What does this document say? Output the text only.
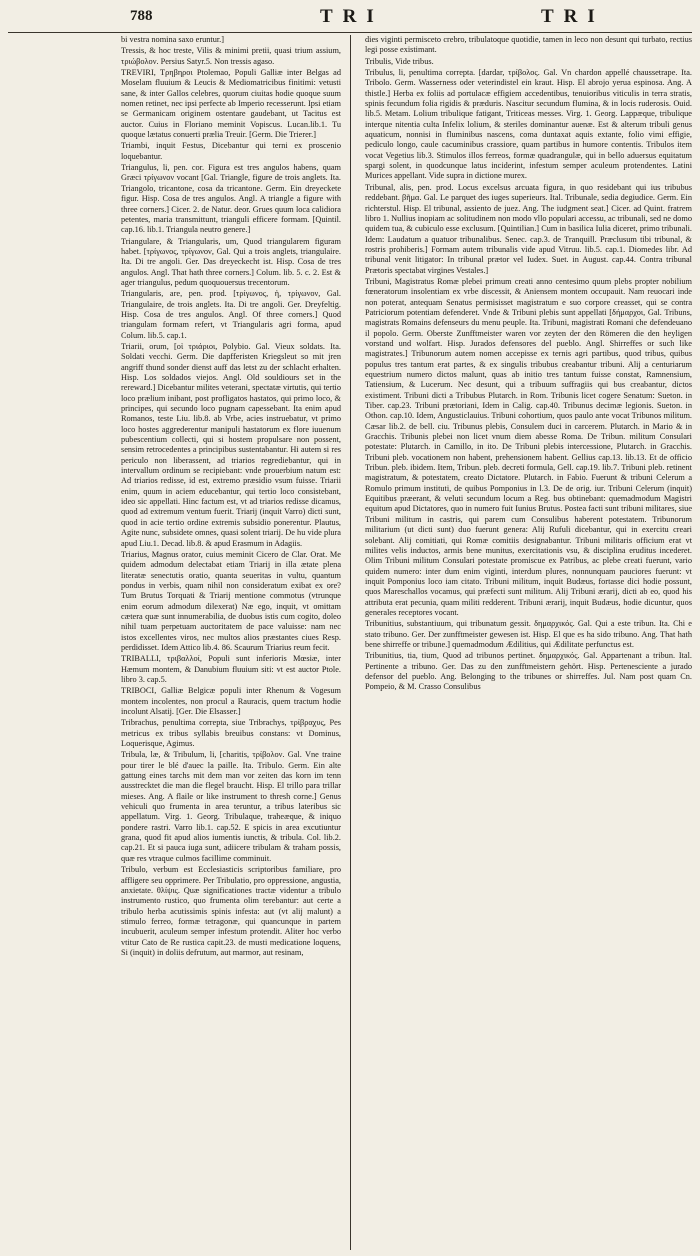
788	TRI	TRI

bi vestra nomina saxo eruntur.]

Tressis, & hoc treste, Vilis & minimi pretii, quasi trium assium, τριώβολον. Persius Satyr.5. Non tressis agaso.

TREVIRI, Τρηβηροι Ptolemao, Populi Galliæ inter Belgas ad Moselam fluuium & Leucis & Mediomatricibus finitimi: vetusti sane, & inter Gallos celebres, quorum ciuitas hodie quoque suum nomen retinet, nec ipsi perfecte ab Imperio recesserunt. Ipsi etiam se Germanicam originem ostentare gaudebant, ut Tacitus est auctor. Cuius in Floriano meminit Vopiscus. Lucan.lib.1. Tu quoque lætatus conuerti prælia Treuir. [Germ. Die Trierer.]

Triambi, inquit Festus, Dicebantur qui terni ex proscenio loquebantur.

Triangulus, li, pen. cor. Figura est tres angulos habens, quam Græci τρίγωνον vocant [Gal. Triangle, figure de trois anglets. Ita. Triangolo, tricantone, cosa da tricantone. Germ. Ein dreyeckete figur. Hisp. Cosa de tres angulos. Angl. A triangle a figure with three corners.] Cicer. 2. de Natur. deor. Grues quum loca calidiora petentes, maria transmittunt, trianguli efficere formam. [Quintil. cap.16. lib.1. Triangula neutro genere.]

Triangulare, & Triangularis, um, Quod triangularem figuram habet. [τρίγωνος, τρίγωνον, Gal. Qui a trois anglets, triangulaire. Ita. Di tre angoli. Ger. Das dreyeckecht ist. Hisp. Cosa de tres angulos. Angl. That hath three corners.] Colum. lib. 5. c. 2. Est & ager triangulus, pedum quoquouersus trecentorum.

Triangularis, are, pen. prod. [τρίγωνος, ἡ, τρίγωνον, Gal. Triangulaire, de trois anglets. Ita. Di tre angoli. Ger. Dreyfeltig. Hisp. Cosa de tres angulos. Angl. Of three corners.] Quod triangulam formam refert, vt Triangularis agri forma, apud Colum. lib.5. cap.1.

Triarii, orum, [οἱ τριάριοι, Polybio. Gal. Vieux soldats. Ita. Soldati vecchi. Germ. Die dapfferisten Kriegsleut so mit jren angriff thund sonder dienst auff das letst zu der schlacht erhalten. Hisp. Los soldados viejos. Angl. Old souldiours set in the rereward.] Dicebantur milites veterani, spectatæ virtutis, qui tertio loco prælium inibant, post profligatos hastatos, qui primo loco, & principes, qui secundo loco pugnam capessebant. Ita enim apud Romanos, teste Liu. lib.8. ab Vrbe, acies instruebatur, vt primo loco hostes aggrederentur manipuli hastatorum ex flore iuuenum pubescentium collecti, qui si hostem propulsare non possent, sensim retrocedentes a principibus sustentabantur. Hi autem si res periculo non liberassent, ad triarios regrediebantur, qui in intervallum ordinum se recipiebant: vnde prouerbium natum est: Ad triarios redisse, id est, extremo præsidio vsum fuisse. Triarii enim, quum in aciem educebantur, qui tertio loco consistebant, ideo sic appellati. Hinc factum est, vt ad triarios redisse dicamus, quod ad extremum ventum fuerit. Triarij (inquit Varro) dicti sunt, quod in acie tertio ordine extremis subsidio ponerentur. Plautus, Agite nunc, subsidete omnes, quasi solent triarij. De hu vide plura apud Liu.1. Decad. lib.8. & apud Erasmum in Adagiis.

Triarius, Magnus orator, cuius meminit Cicero de Clar. Orat. Me quidem admodum delectabat etiam Triarij in illa ætate plena literatæ senectutis oratio, quanta seueritas in vultu, quantum pondus in verbis, quam nihil non consideratum exibat ex ore? Tum Brutus Torquati & Triarij mentione commotus (vtrunque enim eorum admodum dilexerat) Næ ego, inquit, vt omittam cætera quæ sunt innumerabilia, de duobus istis cum cogito, doleo nihil tuam perpetuam auctoritatem de pace valuisse: nam nec istos excellentes viros, nec multos alios præstantes ciues Resp. perdidisset. Idem Attico lib.4. 86. Scaurum Triarius reum fecit.

TRIBALLI, τριβαλλοί, Populi sunt inferioris Mœsiæ, inter Hæmum montem, & Danubium fluuium siti: vt est auctor Ptole. libro 3. cap.5.

TRIBOCI, Galliæ Belgicæ populi inter Rhenum & Vogesum montem incolentes, non procul a Rauracis, quem tractum hodie incolunt Alsatij. [Ger. Die Elsasser.]

Tribrachus, penultima correpta, siue Tribrachys, τρίβραχυς, Pes metricus ex tribus syllabis breuibus constans: vt Dominus, Loquerisque, Agimus.

Tribula, læ, & Tribulum, li, [charitis, τρίβολον. Gal. Vne traine pour tirer le blé d'auec la paille. Ita. Tribulo. Germ. Ein alte gattung eines tarchs mit dem man vor zeiten das korn im tenn ausstrecktet die man die flegel braucht. Hisp. El trillo para trillar mieses. Ang. A flaile or like instrument to thresh corne.] Genus vehiculi quo frumenta in area teruntur, a tribus lateribus sic appellatum. Virg. 1. Georg. Tribulaque, traheæque, & iniquo pondere rastri. Varro lib.1. cap.52. E spicis in area excutiuntur grana, quod fit apud alios iumentis iunctis, & tribula. Col. lib.2. cap.21. Et si pauca iuga sunt, adiicere tribulam & traham possis, quæ res vtraque culmos facillime comminuit.

Tribulo, verbum est Ecclesiasticis scriptoribus familiare, pro affligere seu opprimere. Per Tribulatio, pro oppressione, angustia, anxietate. θλίψις. Quæ significationes tractæ videntur a tribulo instrumento rustico, quo frumenta olim terebantur: aut certe a tribulo herba acutissimis spinis infesta: aut (vt alij malunt) a stimulo ferreo, formæ tetragonæ, qui quancunque in partem incubuerit, aculeum semper infestum protendit. Aliter hoc verbo vtitur Cato de Re rustica capit.23. de musti medicatione loquens, Si (inquit) in doliis defrutum, aut marmor, aut resinam,

dies viginti permisceto crebro, tribulatoque quotidie, tamen in leco non desunt qui turbato, rectius legi posse existimant.

Tribulis, Vide tribus.

Tribulus, li, penultima correpta. [dardar, τρίβολος. Gal. Vn chardon appellé chaussetrape. Ita. Tribolo. Germ. Wasserness oder veterindistel ein kraut. Hisp. El abrojo yerua espinosa. Ang. A thistle.] Herba ex foliis ad portulacæ effigiem accedentibus, tenuioribus viticulis in terra stratis, spinis fecundum folia rigidis & præduris. Nascitur secundum flumina, & in locis ruderosis. Ouid. lib.5. Metam. Lolium tribulique fatigant, Triticeas messes. Virg. 1. Georg. Lappæque, tribulique interque nitentia culta Infelix lolium, & steriles dominantur auenæ. Est & alterum tribuli genus aquaticum, nonnisi in fluminibus nascens, coma duntaxat aquis extante, folio vimi effigie, pediculo longo, caule cacuminibus crassiore, quam partibus in humore contentis. Tribulos item vocat Vegetius lib.3. Stimulos illos ferreos, formæ quadrangulæ, qui in bello aduersus equitatum spargi solent, in quodcunque latus inciderint, infestum semper aculeum protendentes. Latini Murices appellant. Vide supra in dictione murex.

Tribunal, alis, pen. prod. Locus excelsus arcuata figura, in quo residebant qui ius tribubus reddebant. βῆμα. Gal. Le parquet des iuges superieurs. Ital. Tribunale, sedia degiudice. Germ. Ein richterstul. Hisp. El tribunal, assiento de juez. Ang. The iudgment seat.] Cicer. ad Quint. fratrem libro 1. Nullius inopiam ac solitudinem non modo vllo populari accessu, ac tribunali, sed ne domo quidem tua, & cubiculo esse exclusum. [Quintilian.] Cum in basilica Iulia diceret, primo tribunali. Idem: Laudatum a quatuor tribunalibus. Senec. cap.3. de Tranquill. Præclusum tibi tribunal, & rostris prohiberis.] Formam autem tribunalis vide apud Vitruu. lib.5. cap.1. Diomedes libr. Ad tribunal venit litigator: In tribunal prætor vel Iudex. Suet. in August. cap.44. Contra tribunal Prætoris spectabat virgines Vestales.]

Tribuni, Magistratus Romæ plebei primum creati anno centesimo quum plebs propter nobilium fœneratorum insolentiam ex vrbe discessit, & Aniensem montem occupauit. Nam reuocari inde non poterat, antequam Senatus permisisset magistratum e suo corpore creasset, qui se contra Patriciorum potentiam defenderet. Vnde & Tribuni plebis sunt appellati [δήμαρχοι, Gal. Tribuns, magistrats Romains defenseurs du menu peuple. Ita. Tribuni, magistrati Romani che defendeuano il popolo. Germ. Oberste Zunfftmeister waren vor zeyten der den Römeren die den heyligen vorstand und wolfart. Hisp. Jurados defensores del pueblo. Angl. Shirreffes or such like magistrates.] Tribunorum autem nomen accepisse ex ternis agri partibus, quod tribus, quibus populus tres tantum erat partes, & ex singulis tribubus creabantur tribuni. Alij a centuriarum equestrium numero dictos malunt, quas ab initio tres tantum fuisse constat, Ramnensium, Tatiensium, & Lucerum. Nec desunt, qui a tribuum suffragiis qui bus creabantur, dictos existiment. Tribuni dicti a Tribubus Plutarch. in Rom. Tribunis licet cogere Senatum: Sueton. in Tiber. cap.23. Tribuni prætoriani, Idem in Calig. cap.40. Tribunus decimæ legionis. Sueton. in Othon. cap.10. Idem, Angusticlauius. Tribuni cohortium, quos paulo ante vocat Tribunos militum. Cæsar lib.2. de bell. ciu. Tribunus plebis, Consulem duci in carcerem. Plutarch. in Mario & in Gracchis. Tribunis plebei non licet vnum diem abesse Roma. De Tribun. militum Consulari potestate: Plutarch. in Camillo, in ito. De Tribuni plebis intercessione, Plutarch. in Gracchis. Tribuni pleb. vocationem non habent, prehensionem habent. Gellius cap.13. lib.13. Et de officio Tribun. pleb. ibidem. Item, Tribun. pleb. decreti formula, Gell. cap.19. lib.7. Tribuni pleb. retinent magistratum, & potestatem, creato Dictatore. Plutarch. in Fabio. Fuerunt & tribuni Celerum a Romulo primum instituti, de quibus Pomponius in l.3. De de orig. iur. Tribuni Celerum (inquit) Equitibus præerant, & veluti secundum locum a Reg. bus obtinebant: quemadmodum Magistri equitum apud Dictatores, quo in numero fuit Iunius Brutus. Postea facti sunt tribuni militares, siue Tribuni militum in castris, qui parem cum Consulibus haberent potestatem. Tribunorum militarium (ut dicti sunt) duo fuerunt genera: Alij Rufuli dicebantur, qui in exercitu creari solebant. Alij comitiati, qui Romæ comitiis designabantur. Tribuni militaris officium erat vt milites velis inductos, armis bene munitus, exercitationis vsu, & disciplina eruditus incederet. Olim Tribuni militum Consulari potestate promiscue ex Patribus, ac plebe creati fuerunt, vario quidem numero: inter dum enim viginti, interdum plures, nonnunquam pauciores fuerunt: vt inquit Pomponius loco iam citato. Tribuni militum, inquit Budæus, fortasse dici hodie possunt, quos Mareschallos vocamus, qui præfecti sunt militum. Alij Tribuni ærarij, dicti ab eo, quod his attributa erat pecunia, quam militi redderent. Tribuni ærarij, inquit Budæus, hodie dicuntur, quos generales receptores vocant.

Tribunitius, substantiuum, qui tribunatum gessit. δημαρχικός. Gal. Qui a este tribun. Ita. Chi e stato tribuno. Ger. Der zunfftmeister gewesen ist. Hisp. El que es ha sido tribuno. Ang. That hath bene shirreffe or tribune.] quemadmodum Ædilitius, qui Ædilitate perfunctus est.

Tribunitius, tia, tium, Quod ad tribunos pertinet. δημαρχικός. Gal. Appartenant a tribun. Ital. Pertinente a tribuno. Ger. Das zu den zunfftmeistern gehört. Hisp. Pertenesciente a jurado defensor del pueblo. Ang. Belonging to the tribunes or shirreffes. Jul. Nam post quam Cn. Pompeio, & M. Crasso Consulibus
